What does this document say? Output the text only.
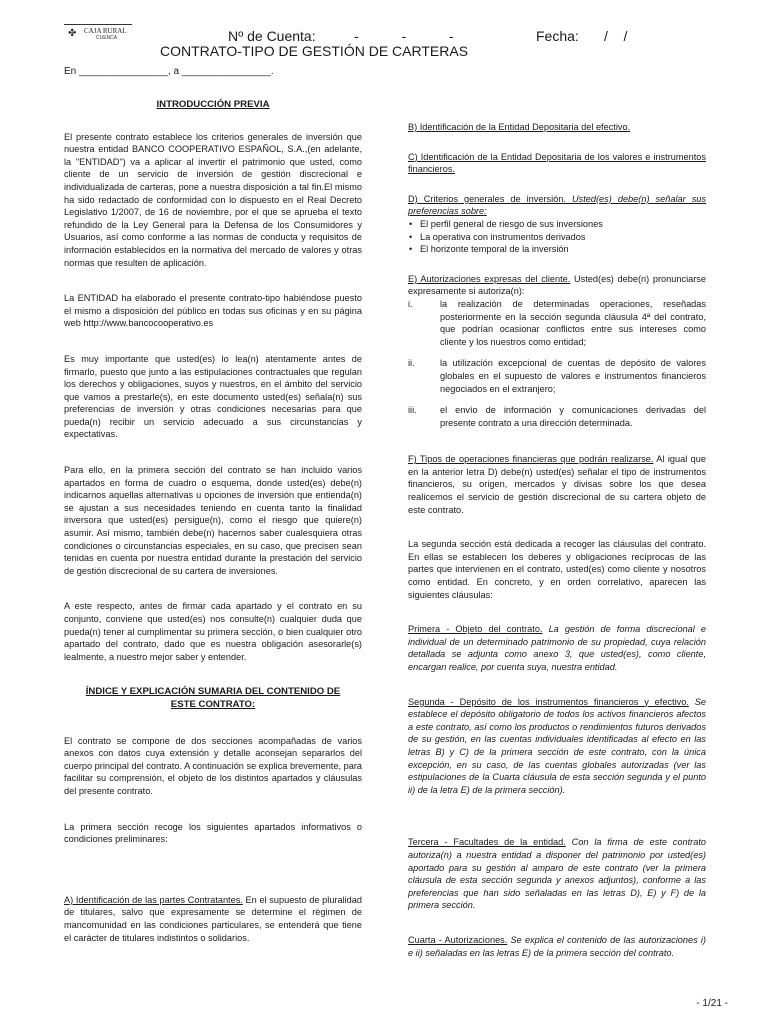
✤ CAJA RURAL
CUENCA	Nº de Cuenta:	-           -           -	Fecha: /    /
CONTRATO-TIPO DE GESTIÓN DE CARTERAS
En ________________, a ________________.

INTRODUCCIÓN PREVIA

El presente contrato establece los criterios generales de inversión que nuestra entidad BANCO COOPERATIVO ESPAÑOL, S.A.,(en adelante, la "ENTIDAD") va a aplicar al invertir el patrimonio que usted, como cliente de un servicio de inversión de gestión discrecional e individualizada de carteras, pone a nuestra disposición a tal fin.El mismo ha sido redactado de conformidad con lo dispuesto en el Real Decreto Legislativo 1/2007, de 16 de noviembre, por el que se aprueba el texto refundido de la Ley General para la Defensa de los Consumidores y Usuarios, así como conforme a las normas de conducta y requisitos de información establecidos en la normativa del mercado de valores y otras normas que resulten de aplicación.

La ENTIDAD ha elaborado el presente contrato-tipo habiéndose puesto el mismo a disposición del público en todas sus oficinas y en su página web http://www.bancocooperativo.es

Es muy importante que usted(es) lo lea(n) atentamente antes de firmarlo, puesto que junto a las estipulaciones contractuales que regulan los derechos y obligaciones, suyos y nuestros, en el ámbito del servicio que vamos a prestarle(s), en este documento usted(es) señala(n) sus preferencias de inversión y otras condiciones necesarias para que pueda(n) recibir un servicio adecuado a sus circunstancias y expectativas.

Para ello, en la primera sección del contrato se han incluido varios apartados en forma de cuadro o esquema, donde usted(es) debe(n) indicarnos aquellas alternativas u opciones de inversión que entienda(n) se ajustan a sus necesidades teniendo en cuenta tanto la finalidad inversora que usted(es) persigue(n), como el riesgo que quiere(n) asumir. Así mismo, también debe(n) hacernos saber cualesquiera otras condiciones o circunstancias especiales, en su caso, que precisen sean tenidas en cuenta por nuestra entidad durante la prestación del servicio de gestión discrecional de su cartera de inversiones.

A este respecto, antes de firmar cada apartado y el contrato en su conjunto, conviene que usted(es) nos consulte(n) cualquier duda que pueda(n) tener al cumplimentar su primera sección, o bien cualquier otro apartado del contrato, dado que es nuestra obligación asesorarle(s) lealmente, a nuestro mejor saber y entender.

ÍNDICE Y EXPLICACIÓN SUMARIA DEL CONTENIDO DE ESTE CONTRATO:

El contrato se compone de dos secciones acompañadas de varios anexos con datos cuya extensión y detalle aconsejan separarlos del cuerpo principal del contrato. A continuación se explica brevemente, para facilitar su comprensión, el objeto de los distintos apartados y cláusulas del presente contrato.

La primera sección recoge los siguientes apartados informativos o condiciones preliminares:

A) Identificación de las partes Contratantes. En el supuesto de pluralidad de titulares, salvo que expresamente se determine el régimen de mancomunidad en las condiciones particulares, se entenderá que tiene el carácter de titulares indistintos o solidarios.

B) Identificación de la Entidad Depositaria del efectivo.

C) Identificación de la Entidad Depositaria de los valores e instrumentos financieros.

D) Criterios generales de inversión. Usted(es) debe(n) señalar sus preferencias sobre:

• El perfil general de riesgo de sus inversiones
• La operativa con instrumentos derivados
• El horizonte temporal de la inversión

E) Autorizaciones expresas del cliente. Usted(es) debe(n) pronunciarse expresamente si autoriza(n):

i.	la realización de determinadas operaciones, reseñadas posteriormente en la sección segunda cláusula 4ª del contrato, que podrían ocasionar conflictos entre sus intereses como cliente y los nuestros como entidad;
ii.	la utilización excepcional de cuentas de depósito de valores globales en el supuesto de valores e instrumentos financieros negociados en el extranjero;
iii.	el envío de información y comunicaciones derivadas del presente contrato a una dirección determinada.

F) Tipos de operaciones financieras que podrán realizarse. Al igual que en la anterior letra D) debe(n) usted(es) señalar el tipo de instrumentos financieros, su origen, mercados y divisas sobre los que desea realicemos el servicio de gestión discrecional de su cartera objeto de este contrato.

La segunda sección está dedicada a recoger las cláusulas del contrato. En ellas se establecen los deberes y obligaciones recíprocas de las partes que intervienen en el contrato, usted(es) como cliente y nosotros como entidad. En concreto, y en orden correlativo, aparecen las siguientes cláusulas:

Primera - Objeto del contrato. La gestión de forma discrecional e individual de un determinado patrimonio de su propiedad, cuya relación detallada se adjunta como anexo 3, que usted(es), como cliente, encargan realice, por cuenta suya, nuestra entidad.

Segunda - Depósito de los instrumentos financieros y efectivo. Se establece el depósito obligatorio de todos los activos financieros afectos a este contrato, así como los productos o rendimientos futuros derivados de su gestión, en las cuentas individuales identificadas al efecto en las letras B) y C) de la primera sección de este contrato, con la única excepción, en su caso, de las cuentas globales autorizadas (ver las estipulaciones de la Cuarta cláusula de esta sección segunda y el punto ii) de la letra E) de la primera sección).

Tercera - Facultades de la entidad. Con la firma de este contrato autoriza(n) a nuestra entidad a disponer del patrimonio por usted(es) aportado para su gestión al amparo de este contrato (ver la primera cláusula de esta sección segunda y anexos adjuntos), conforme a las preferencias que han sido señaladas en las letras D), E) y F) de la primera sección.

Cuarta - Autorizaciones. Se explica el contenido de las autorizaciones i) e ii) señaladas en las letras E) de la primera sección del contrato.

- 1/21 -
